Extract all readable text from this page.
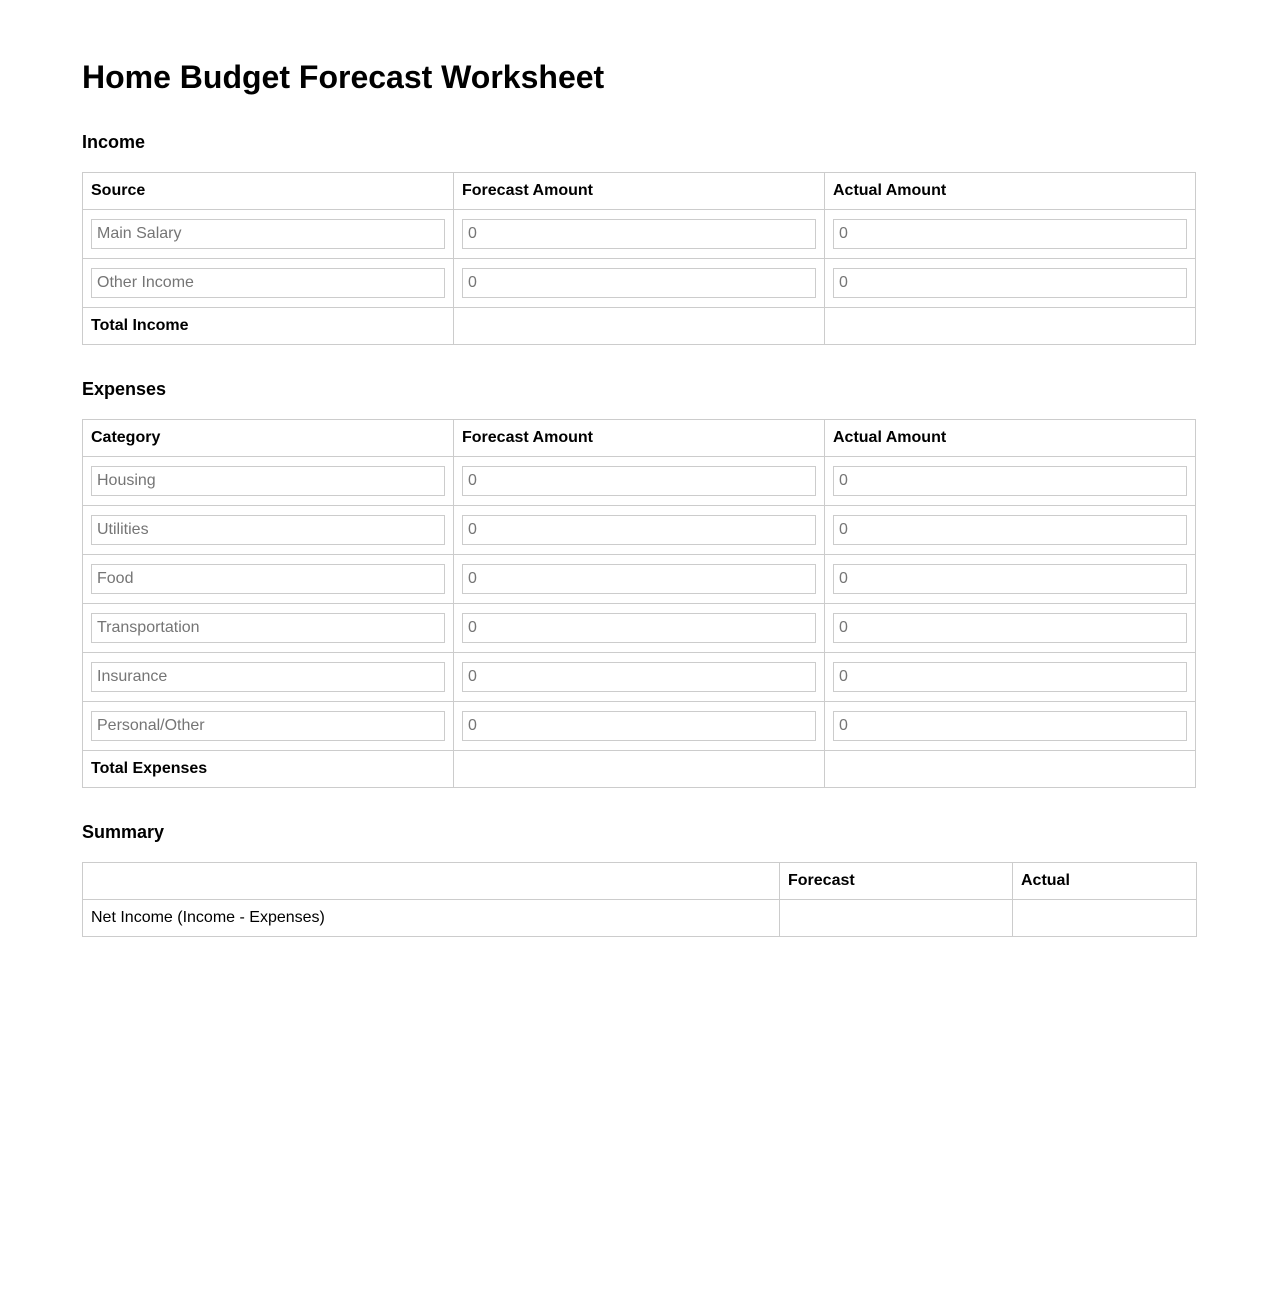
Home Budget Forecast Worksheet
Income
Source	Forecast Amount	Actual Amount
Main Salary	0	0
Other Income	0	0
Total Income		
Expenses
Category	Forecast Amount	Actual Amount
Housing	0	0
Utilities	0	0
Food	0	0
Transportation	0	0
Insurance	0	0
Personal/Other	0	0
Total Expenses		
Summary
	Forecast	Actual
Net Income (Income - Expenses)		
